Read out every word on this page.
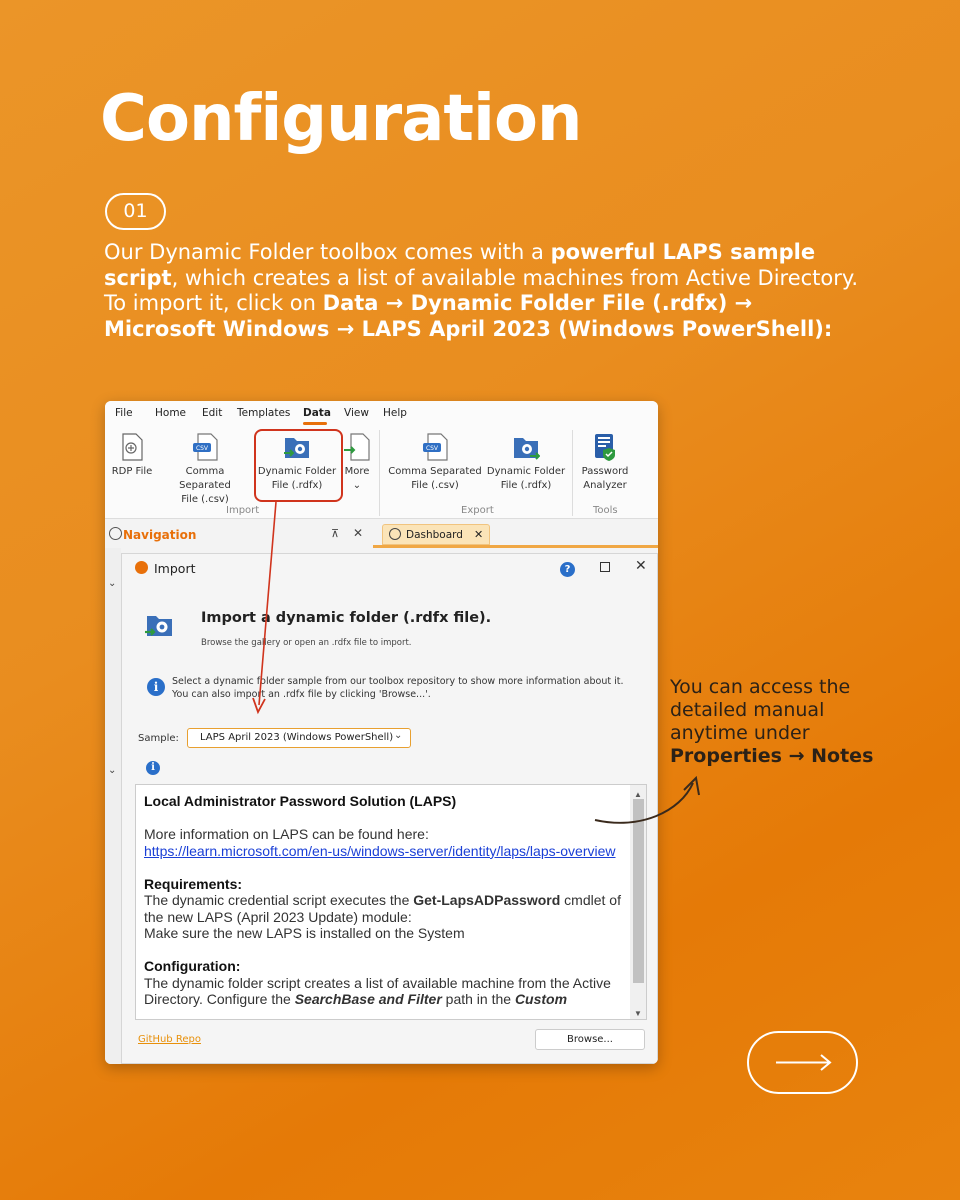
Configuration
01
Our Dynamic Folder toolbox comes with a powerful LAPS sample script, which creates a list of available machines from Active Directory. To import it, click on Data → Dynamic Folder File (.rdfx) → Microsoft Windows → LAPS April 2023 (Windows PowerShell):
File Home Edit Templates Data View Help
RDP File
CSV
Comma Separated
File (.csv)
Dynamic Folder
File (.rdfx)
More
⌄
Import
CSV
Comma Separated
File (.csv)
Dynamic Folder
File (.rdfx)
Export
Password
Analyzer
Tools
Navigation	⊼ ✕	Dashboard ✕
⌄
⌄
Import	?	✕
Import a dynamic folder (.rdfx file).
Browse the gallery or open an .rdfx file to import.
i	Select a dynamic folder sample from our toolbox repository to show more information about it.
You can also import an .rdfx file by clicking 'Browse...'.
Sample: LAPS April 2023 (Windows PowerShell) ⌄
i

Local Administrator Password Solution (LAPS)

More information on LAPS can be found here:

https://learn.microsoft.com/en-us/windows-server/identity/laps/laps-overview

Requirements:

The dynamic credential script executes the Get-LapsADPassword cmdlet of the new LAPS (April 2023 Update) module:

Make sure the new LAPS is installed on the System

Configuration:

The dynamic folder script creates a list of available machine from the Active Directory. Configure the SearchBase and Filter path in the Custom

▲
▼
GitHub Repo	Browse...
You can access the detailed manual anytime under Properties → Notes
